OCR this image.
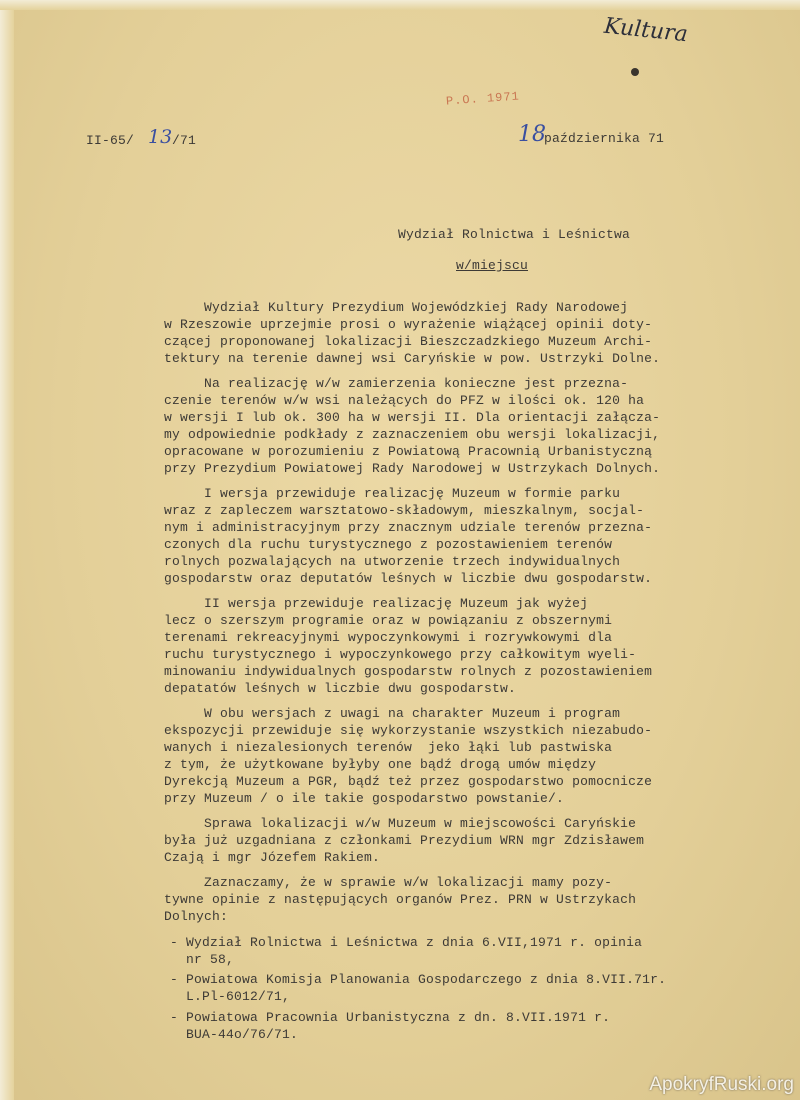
Kultura
P.O. 1971
II-65/ 13 /71	18
października 71
Wydział Rolnictwa i Leśnictwa
w/miejscu
Wydział Kultury Prezydium Wojewódzkiej Rady Narodowej
w Rzeszowie uprzejmie prosi o wyrażenie wiążącej opinii doty-
czącej proponowanej lokalizacji Bieszczadzkiego Muzeum Archi-
tektury na terenie dawnej wsi Caryńskie w pow. Ustrzyki Dolne.
Na realizację w/w zamierzenia konieczne jest przezna-
czenie terenów w/w wsi należących do PFZ w ilości ok. 120 ha
w wersji I lub ok. 300 ha w wersji II. Dla orientacji załącza-
my odpowiednie podkłady z zaznaczeniem obu wersji lokalizacji,
opracowane w porozumieniu z Powiatową Pracownią Urbanistyczną
przy Prezydium Powiatowej Rady Narodowej w Ustrzykach Dolnych.
I wersja przewiduje realizację Muzeum w formie parku
wraz z zapleczem warsztatowo-składowym, mieszkalnym, socjal-
nym i administracyjnym przy znacznym udziale terenów przezna-
czonych dla ruchu turystycznego z pozostawieniem terenów
rolnych pozwalających na utworzenie trzech indywidualnych
gospodarstw oraz deputatów leśnych w liczbie dwu gospodarstw.
II wersja przewiduje realizację Muzeum jak wyżej
lecz o szerszym programie oraz w powiązaniu z obszernymi
terenami rekreacyjnymi wypoczynkowymi i rozrywkowymi dla
ruchu turystycznego i wypoczynkowego przy całkowitym wyeli-
minowaniu indywidualnych gospodarstw rolnych z pozostawieniem
depatatów leśnych w liczbie dwu gospodarstw.
W obu wersjach z uwagi na charakter Muzeum i program
ekspozycji przewiduje się wykorzystanie wszystkich niezabudo-
wanych i niezalesionych terenów  jeko łąki lub pastwiska
z tym, że użytkowane byłyby one bądź drogą umów między
Dyrekcją Muzeum a PGR, bądź też przez gospodarstwo pomocnicze
przy Muzeum / o ile takie gospodarstwo powstanie/.
Sprawa lokalizacji w/w Muzeum w miejscowości Caryńskie
była już uzgadniana z członkami Prezydium WRN mgr Zdzisławem
Czają i mgr Józefem Rakiem.
Zaznaczamy, że w sprawie w/w lokalizacji mamy pozy-
tywne opinie z następujących organów Prez. PRN w Ustrzykach
Dolnych:
- Wydział Rolnictwa i Leśnictwa z dnia 6.VII,1971 r. opinia
nr 58,
- Powiatowa Komisja Planowania Gospodarczego z dnia 8.VII.71r.
L.Pl-6012/71,
- Powiatowa Pracownia Urbanistyczna z dn. 8.VII.1971 r.
BUA-44o/76/71.
ApokryfRuski.org
